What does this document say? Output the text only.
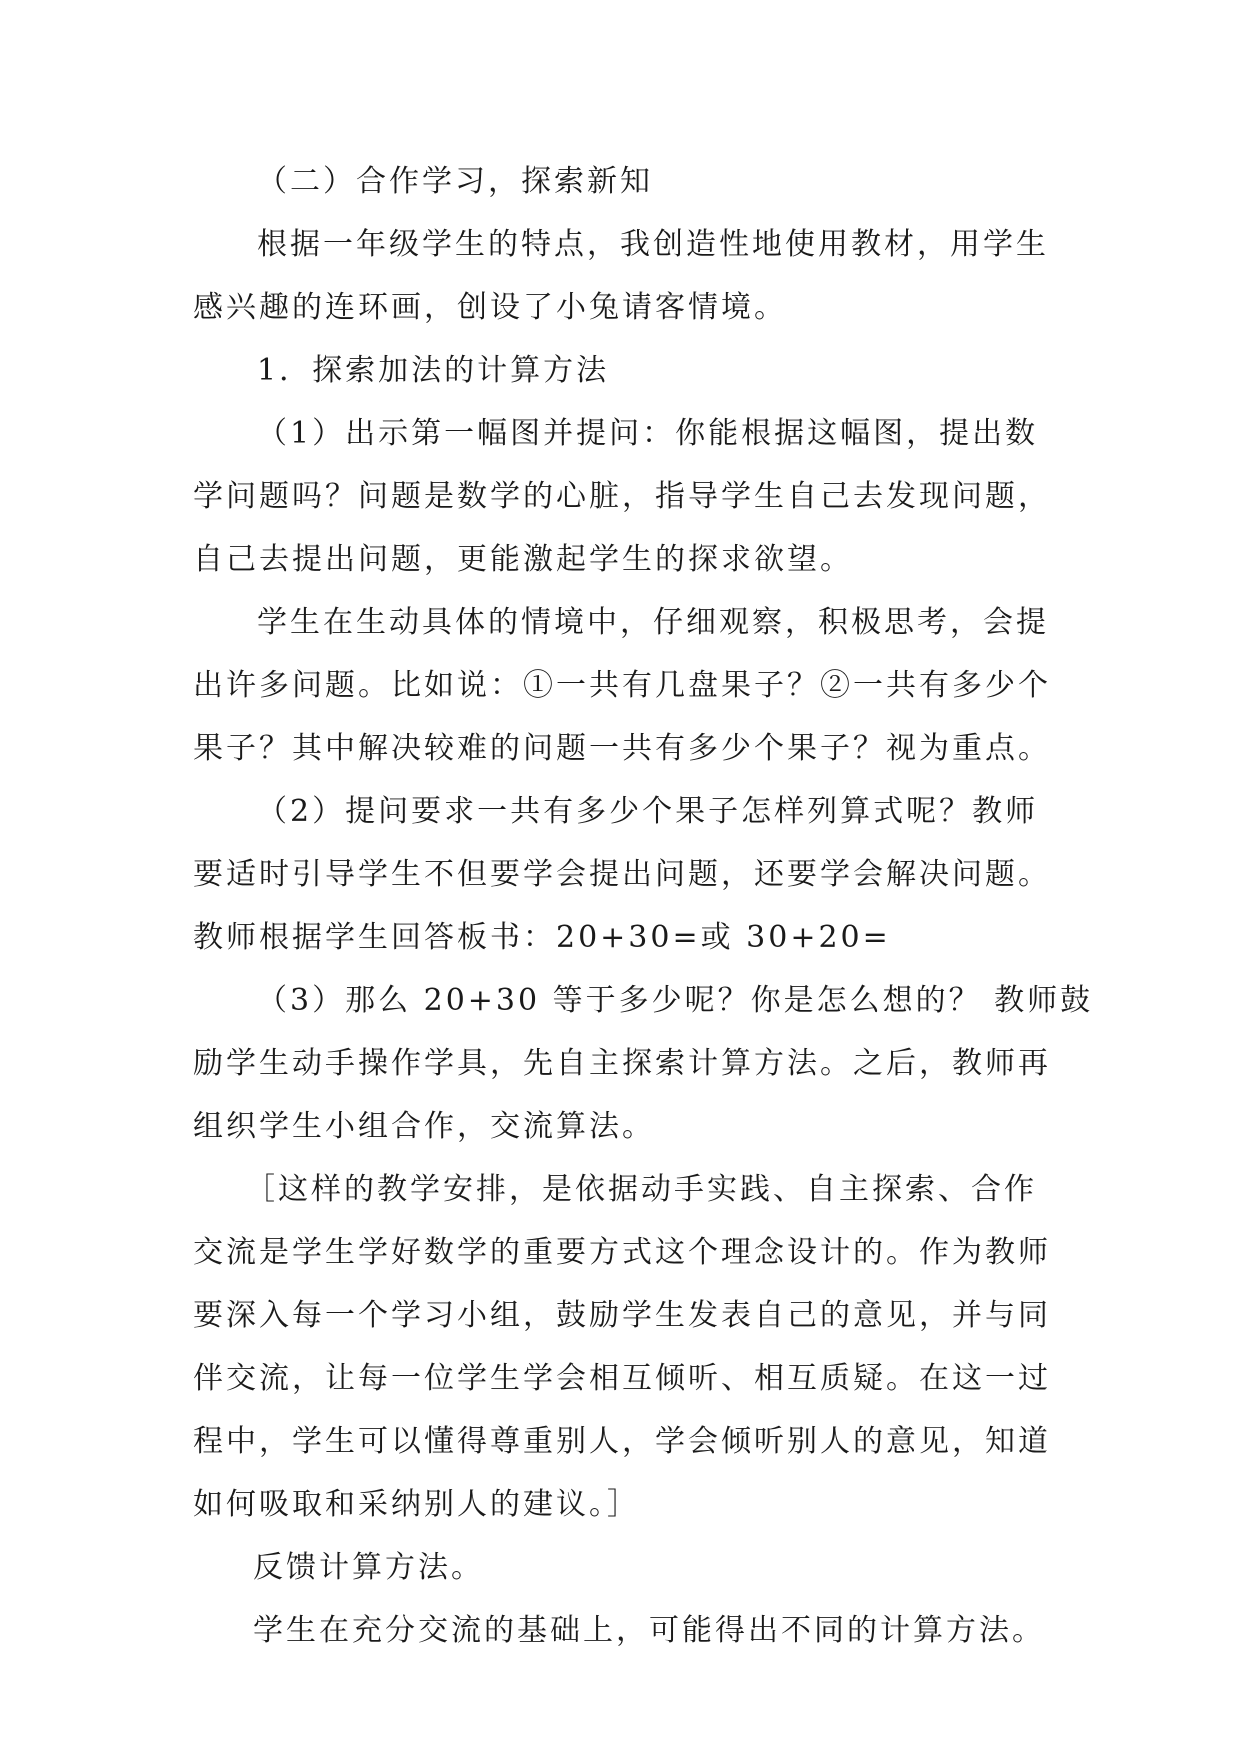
（二）合作学习，探索新知
根据一年级学生的特点，我创造性地使用教材，用学生
感兴趣的连环画，创设了小兔请客情境。
1．探索加法的计算方法
（1）出示第一幅图并提问：你能根据这幅图，提出数
学问题吗？问题是数学的心脏，指导学生自己去发现问题，
自己去提出问题，更能激起学生的探求欲望。
学生在生动具体的情境中，仔细观察，积极思考，会提
出许多问题。比如说：①一共有几盘果子？②一共有多少个
果子？其中解决较难的问题一共有多少个果子？视为重点。
（2）提问要求一共有多少个果子怎样列算式呢？教师
要适时引导学生不但要学会提出问题，还要学会解决问题。
教师根据学生回答板书：20+30=或 30+20=
（3）那么 20+30 等于多少呢？你是怎么想的？ 教师鼓
励学生动手操作学具，先自主探索计算方法。之后，教师再
组织学生小组合作，交流算法。
［这样的教学安排，是依据动手实践、自主探索、合作
交流是学生学好数学的重要方式这个理念设计的。作为教师
要深入每一个学习小组，鼓励学生发表自己的意见，并与同
伴交流，让每一位学生学会相互倾听、相互质疑。在这一过
程中，学生可以懂得尊重别人，学会倾听别人的意见，知道
如何吸取和采纳别人的建议。］
反馈计算方法。
学生在充分交流的基础上，可能得出不同的计算方法。
